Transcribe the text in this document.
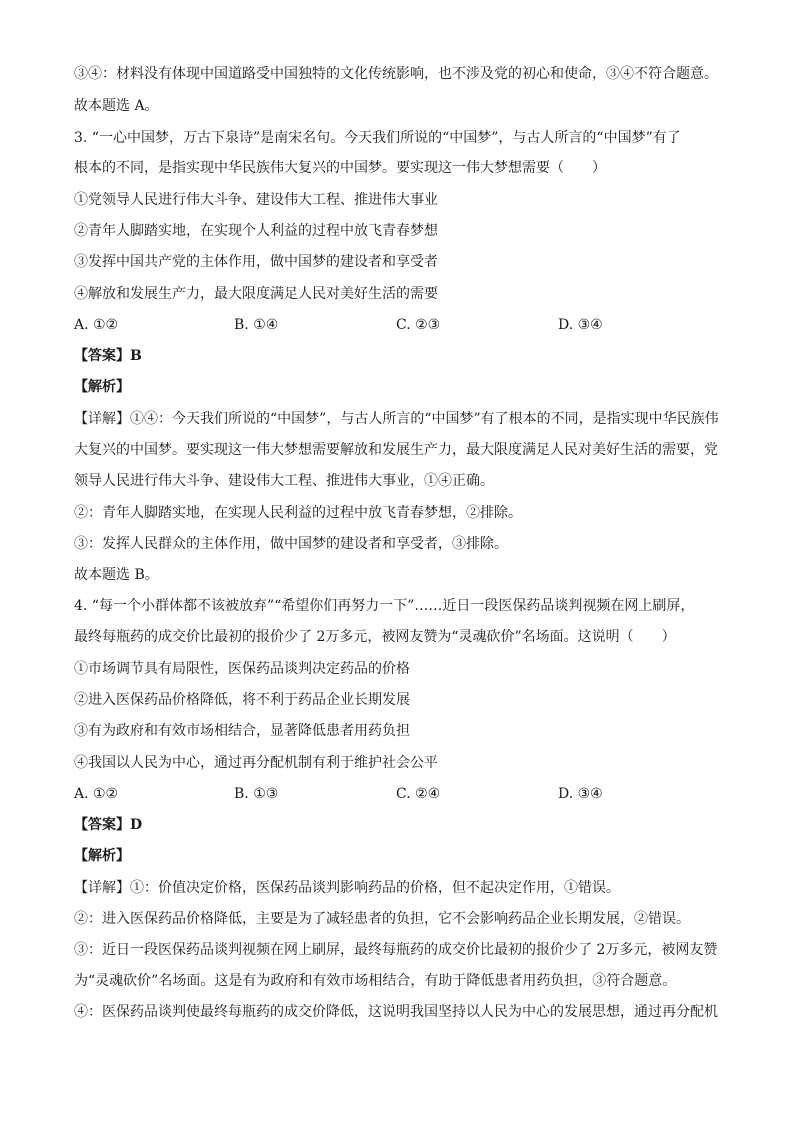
③④：材料没有体现中国道路受中国独特的文化传统影响，也不涉及党的初心和使命，③④不符合题意。
故本题选 A。
3. “一心中国梦，万古下泉诗”是南宋名句。今天我们所说的“中国梦”，与古人所言的“中国梦”有了
根本的不同，是指实现中华民族伟大复兴的中国梦。要实现这一伟大梦想需要（　　）
①党领导人民进行伟大斗争、建设伟大工程、推进伟大事业
②青年人脚踏实地，在实现个人利益的过程中放飞青春梦想
③发挥中国共产党的主体作用，做中国梦的建设者和享受者
④解放和发展生产力，最大限度满足人民对美好生活的需要
A. ①②	B. ①④	C. ②③	D. ③④
【答案】B
【解析】
【详解】①④：今天我们所说的“中国梦”，与古人所言的“中国梦”有了根本的不同，是指实现中华民族伟
大复兴的中国梦。要实现这一伟大梦想需要解放和发展生产力，最大限度满足人民对美好生活的需要，党
领导人民进行伟大斗争、建设伟大工程、推进伟大事业，①④正确。
②：青年人脚踏实地，在实现人民利益的过程中放飞青春梦想，②排除。
③：发挥人民群众的主体作用，做中国梦的建设者和享受者，③排除。
故本题选 B。
4. “每一个小群体都不该被放弃”“希望你们再努力一下”……近日一段医保药品谈判视频在网上刷屏，
最终每瓶药的成交价比最初的报价少了 2万多元，被网友赞为“灵魂砍价”名场面。这说明（　　）
①市场调节具有局限性，医保药品谈判决定药品的价格
②进入医保药品价格降低，将不利于药品企业长期发展
③有为政府和有效市场相结合，显著降低患者用药负担
④我国以人民为中心，通过再分配机制有利于维护社会公平
A. ①②	B. ①③	C. ②④	D. ③④
【答案】D
【解析】
【详解】①：价值决定价格，医保药品谈判影响药品的价格，但不起决定作用，①错误。
②：进入医保药品价格降低，主要是为了减轻患者的负担，它不会影响药品企业长期发展，②错误。
③：近日一段医保药品谈判视频在网上刷屏，最终每瓶药的成交价比最初的报价少了 2万多元，被网友赞
为“灵魂砍价”名场面。这是有为政府和有效市场相结合，有助于降低患者用药负担，③符合题意。
④：医保药品谈判使最终每瓶药的成交价降低，这说明我国坚持以人民为中心的发展思想，通过再分配机
